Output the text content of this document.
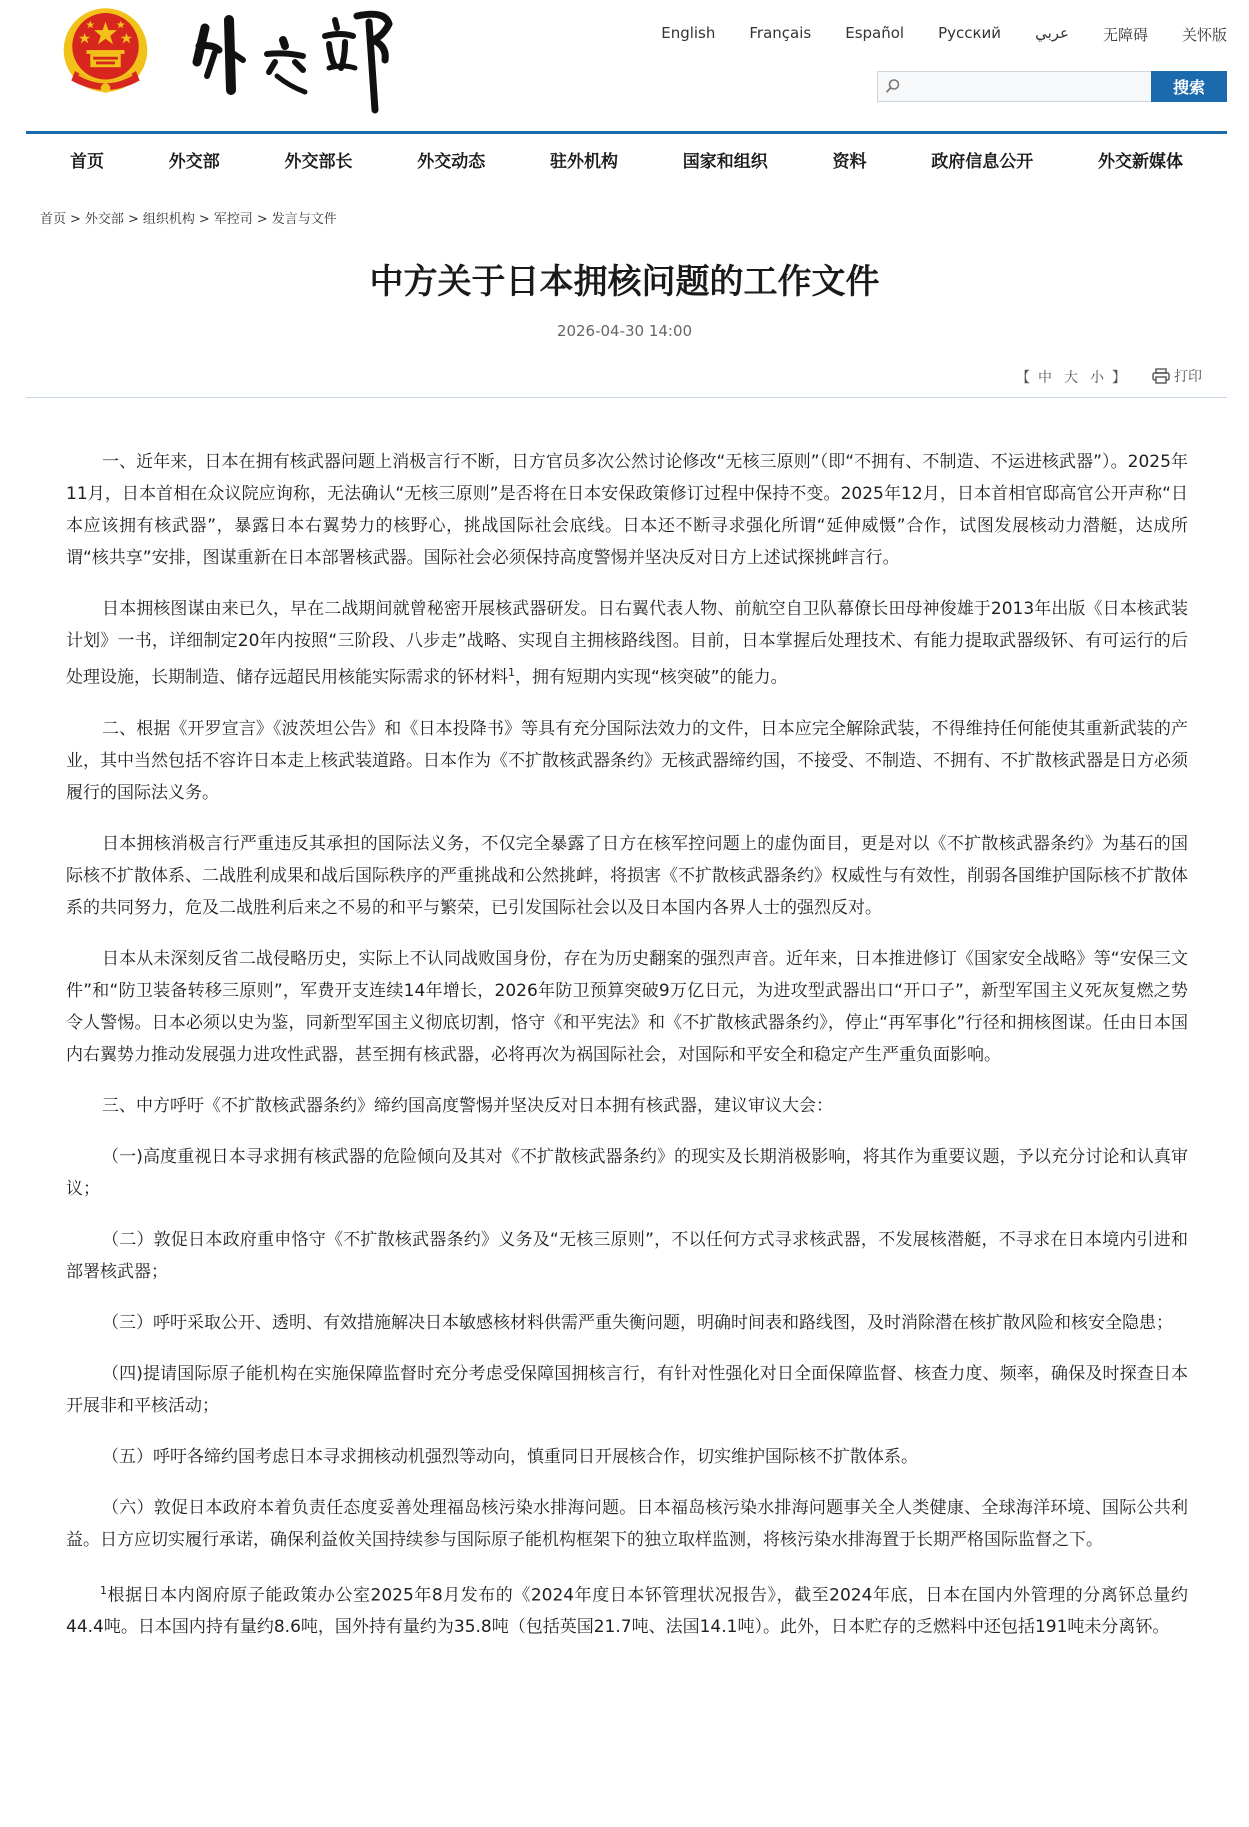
English Français Español Русский عربي 无障碍 关怀版
搜索
首页	外交部	外交部长	外交动态	驻外机构	国家和组织	资料	政府信息公开	外交新媒体
首页 > 外交部 > 组织机构 > 军控司 > 发言与文件
中方关于日本拥核问题的工作文件
2026-04-30 14:00
【 中 大 小 】	打印

一、近年来，日本在拥有核武器问题上消极言行不断，日方官员多次公然讨论修改“无核三原则”（即“不拥有、不制造、不运进核武器”）。2025年11月，日本首相在众议院应询称，无法确认“无核三原则”是否将在日本安保政策修订过程中保持不变。2025年12月，日本首相官邸高官公开声称“日本应该拥有核武器”，暴露日本右翼势力的核野心，挑战国际社会底线。日本还不断寻求强化所谓“延伸威慑”合作，试图发展核动力潜艇，达成所谓“核共享”安排，图谋重新在日本部署核武器。国际社会必须保持高度警惕并坚决反对日方上述试探挑衅言行。

日本拥核图谋由来已久，早在二战期间就曾秘密开展核武器研发。日右翼代表人物、前航空自卫队幕僚长田母神俊雄于2013年出版《日本核武装计划》一书，详细制定20年内按照“三阶段、八步走”战略、实现自主拥核路线图。目前，日本掌握后处理技术、有能力提取武器级钚、有可运行的后处理设施，长期制造、储存远超民用核能实际需求的钚材料$^1$，拥有短期内实现“核突破”的能力。

二、根据《开罗宣言》《波茨坦公告》和《日本投降书》等具有充分国际法效力的文件，日本应完全解除武装，不得维持任何能使其重新武装的产业，其中当然包括不容许日本走上核武装道路。日本作为《不扩散核武器条约》无核武器缔约国，不接受、不制造、不拥有、不扩散核武器是日方必须履行的国际法义务。

日本拥核消极言行严重违反其承担的国际法义务，不仅完全暴露了日方在核军控问题上的虚伪面目，更是对以《不扩散核武器条约》为基石的国际核不扩散体系、二战胜利成果和战后国际秩序的严重挑战和公然挑衅，将损害《不扩散核武器条约》权威性与有效性，削弱各国维护国际核不扩散体系的共同努力，危及二战胜利后来之不易的和平与繁荣，已引发国际社会以及日本国内各界人士的强烈反对。

日本从未深刻反省二战侵略历史，实际上不认同战败国身份，存在为历史翻案的强烈声音。近年来，日本推进修订《国家安全战略》等“安保三文件”和“防卫装备转移三原则”，军费开支连续14年增长，2026年防卫预算突破9万亿日元，为进攻型武器出口“开口子”，新型军国主义死灰复燃之势令人警惕。日本必须以史为鉴，同新型军国主义彻底切割，恪守《和平宪法》和《不扩散核武器条约》，停止“再军事化”行径和拥核图谋。任由日本国内右翼势力推动发展强力进攻性武器，甚至拥有核武器，必将再次为祸国际社会，对国际和平安全和稳定产生严重负面影响。

三、中方呼吁《不扩散核武器条约》缔约国高度警惕并坚决反对日本拥有核武器，建议审议大会：

（一)高度重视日本寻求拥有核武器的危险倾向及其对《不扩散核武器条约》的现实及长期消极影响，将其作为重要议题，予以充分讨论和认真审议；

（二）敦促日本政府重申恪守《不扩散核武器条约》义务及“无核三原则”，不以任何方式寻求核武器，不发展核潜艇，不寻求在日本境内引进和部署核武器；

（三）呼吁采取公开、透明、有效措施解决日本敏感核材料供需严重失衡问题，明确时间表和路线图，及时消除潜在核扩散风险和核安全隐患；

（四)提请国际原子能机构在实施保障监督时充分考虑受保障国拥核言行，有针对性强化对日全面保障监督、核查力度、频率，确保及时探查日本开展非和平核活动；

（五）呼吁各缔约国考虑日本寻求拥核动机强烈等动向，慎重同日开展核合作，切实维护国际核不扩散体系。

（六）敦促日本政府本着负责任态度妥善处理福岛核污染水排海问题。日本福岛核污染水排海问题事关全人类健康、全球海洋环境、国际公共利益。日方应切实履行承诺，确保利益攸关国持续参与国际原子能机构框架下的独立取样监测，将核污染水排海置于长期严格国际监督之下。

$^1$根据日本内阁府原子能政策办公室2025年8月发布的《2024年度日本钚管理状况报告》，截至2024年底，日本在国内外管理的分离钚总量约44.4吨。日本国内持有量约8.6吨，国外持有量约为35.8吨（包括英国21.7吨、法国14.1吨）。此外，日本贮存的乏燃料中还包括191吨未分离钚。
